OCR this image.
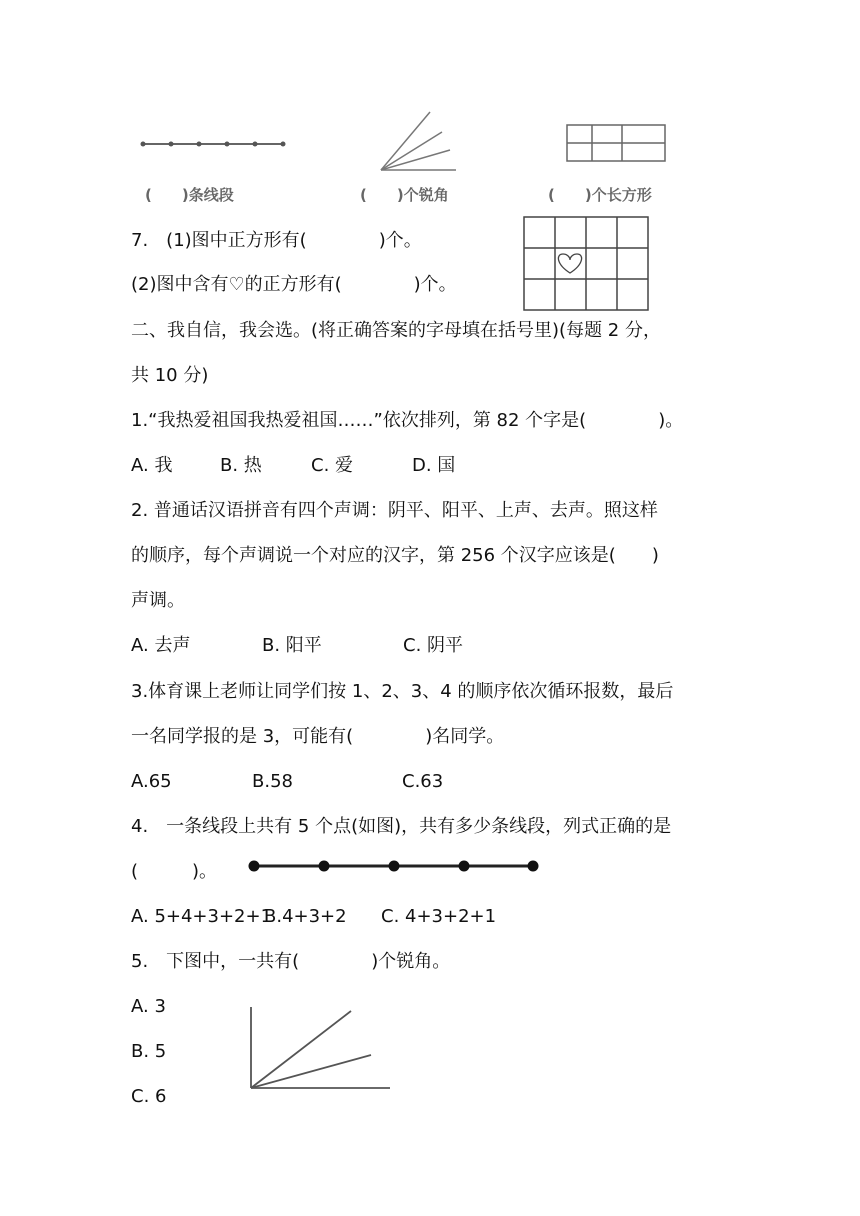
(　　)条线段	(　　)个锐角	(　　)个长方形
7.　(1)图中正方形有(　　　　)个。
(2)图中含有♡的正方形有(　　　　)个。
二、我自信，我会选。(将正确答案的字母填在括号里)(每题 2 分，
共 10 分)
1.“我热爱祖国我热爱祖国……”依次排列，第 82 个字是(　　　　)。
A. 我	B. 热	C. 爱	D. 国
2. 普通话汉语拼音有四个声调：阴平、阳平、上声、去声。照这样
的顺序，每个声调说一个对应的汉字，第 256 个汉字应该是(　　)
声调。
A. 去声	B. 阳平	C. 阴平
3.体育课上老师让同学们按 1、2、3、4 的顺序依次循环报数，最后
一名同学报的是 3，可能有(　　　　)名同学。
A.65	B.58	C.63
4.　一条线段上共有 5 个点(如图)，共有多少条线段，列式正确的是
(　　　)。
A. 5+4+3+2+1
B.4+3+2 C. 4+3+2+1
5.　下图中，一共有(　　　　)个锐角。
A. 3
B. 5
C. 6
